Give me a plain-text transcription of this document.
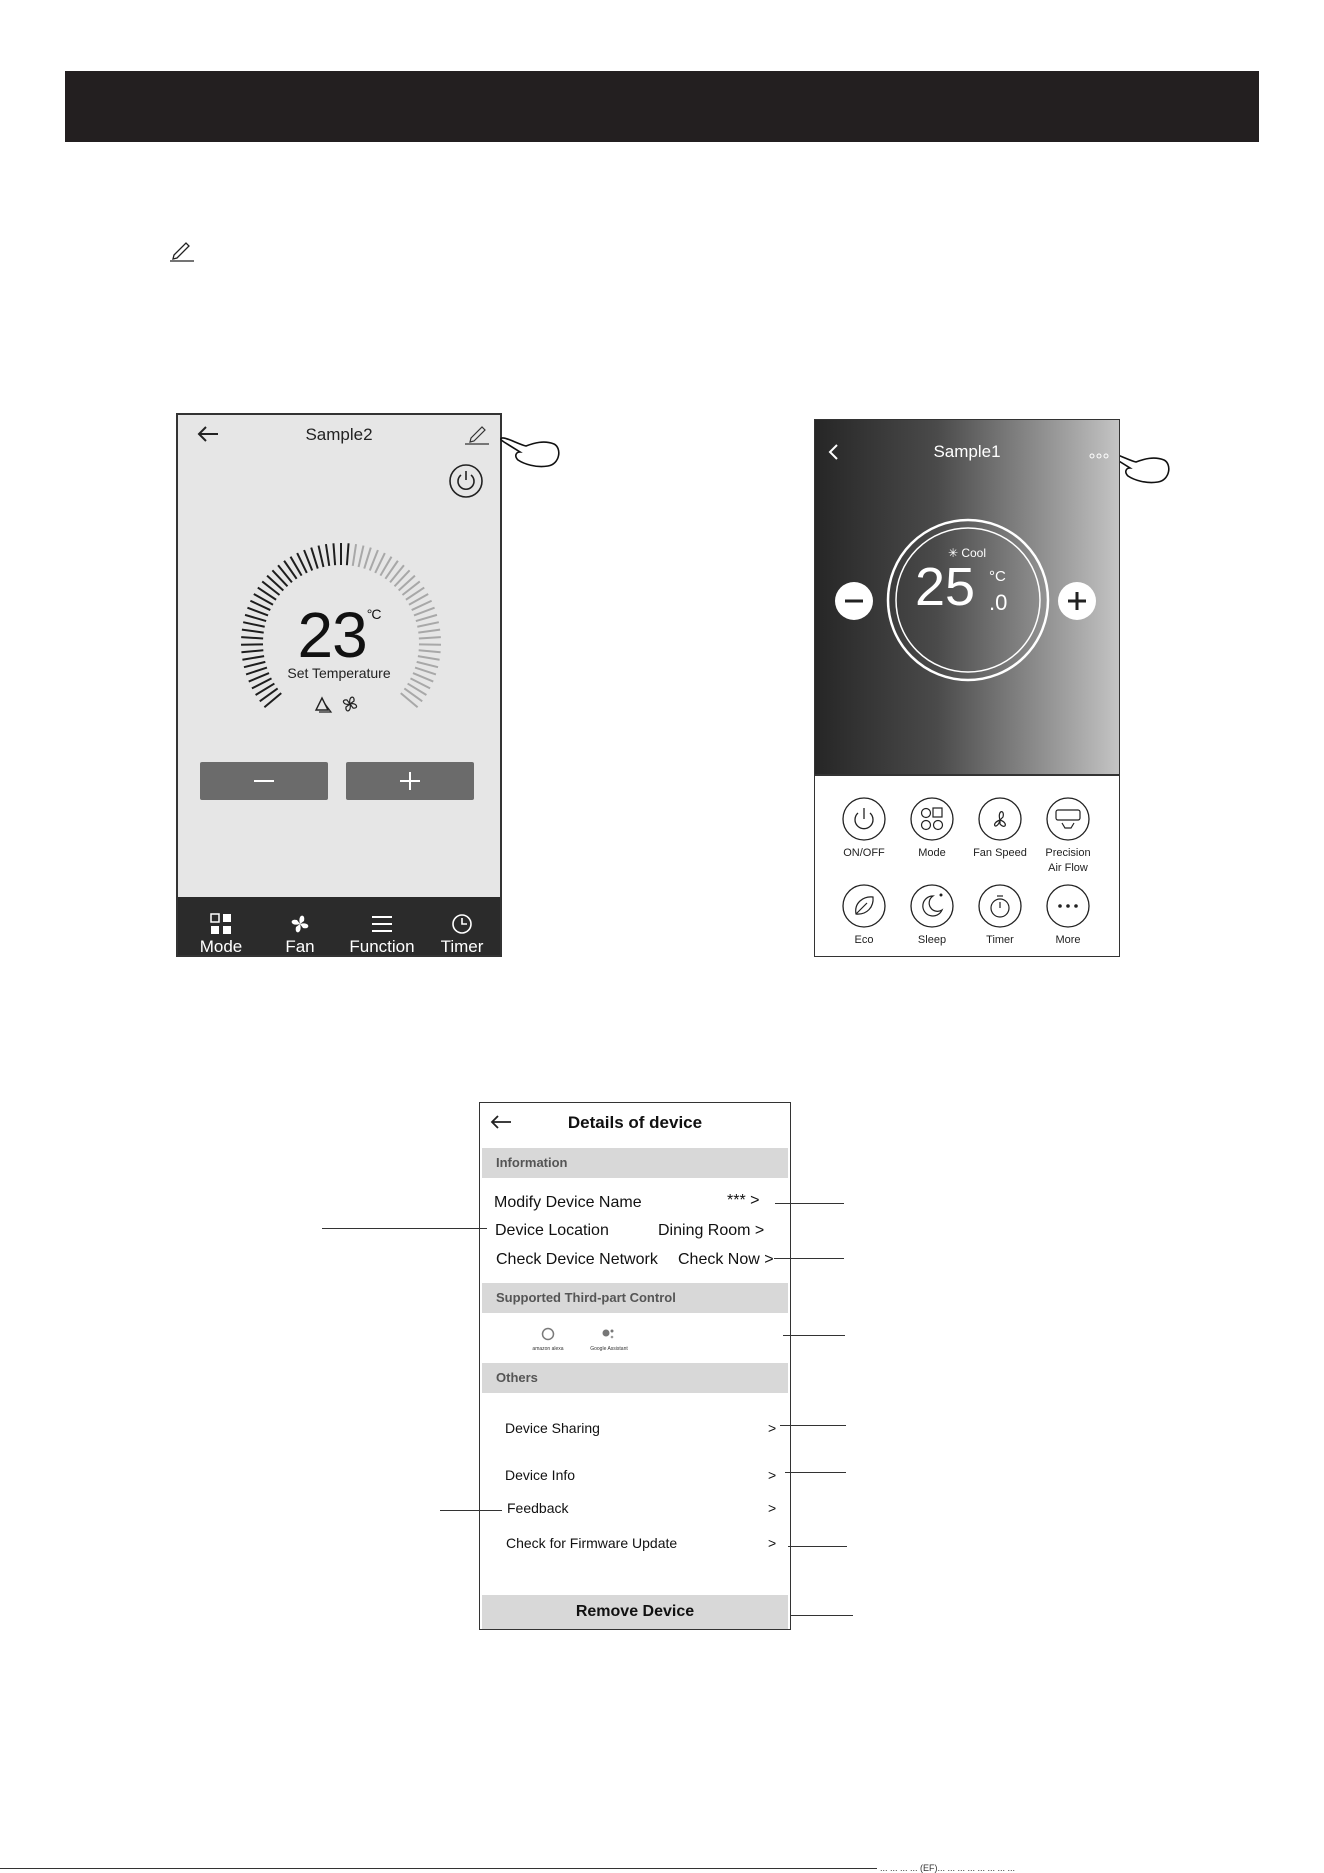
Sample2
$23^{^\circ C}$
Set Temperature
Mode	Fan	Function	Timer
Sample1
✳ Cool
25 °C
.0
ON/OFF	Mode	Fan Speed	Precision
Air Flow
Eco	Sleep	Timer	More
Details of device
Information
Modify Device Name	*** >
Device Location	Dining Room >
Check Device Network Check Now >
Supported Third-part Control
amazon alexa	Google Assistant
Others
Device Sharing	>
Device Info	>
Feedback	>
Check for Firmware Update	>
Remove Device
... ... ... ... (EF)... ... ... ... ... ... ... ...
